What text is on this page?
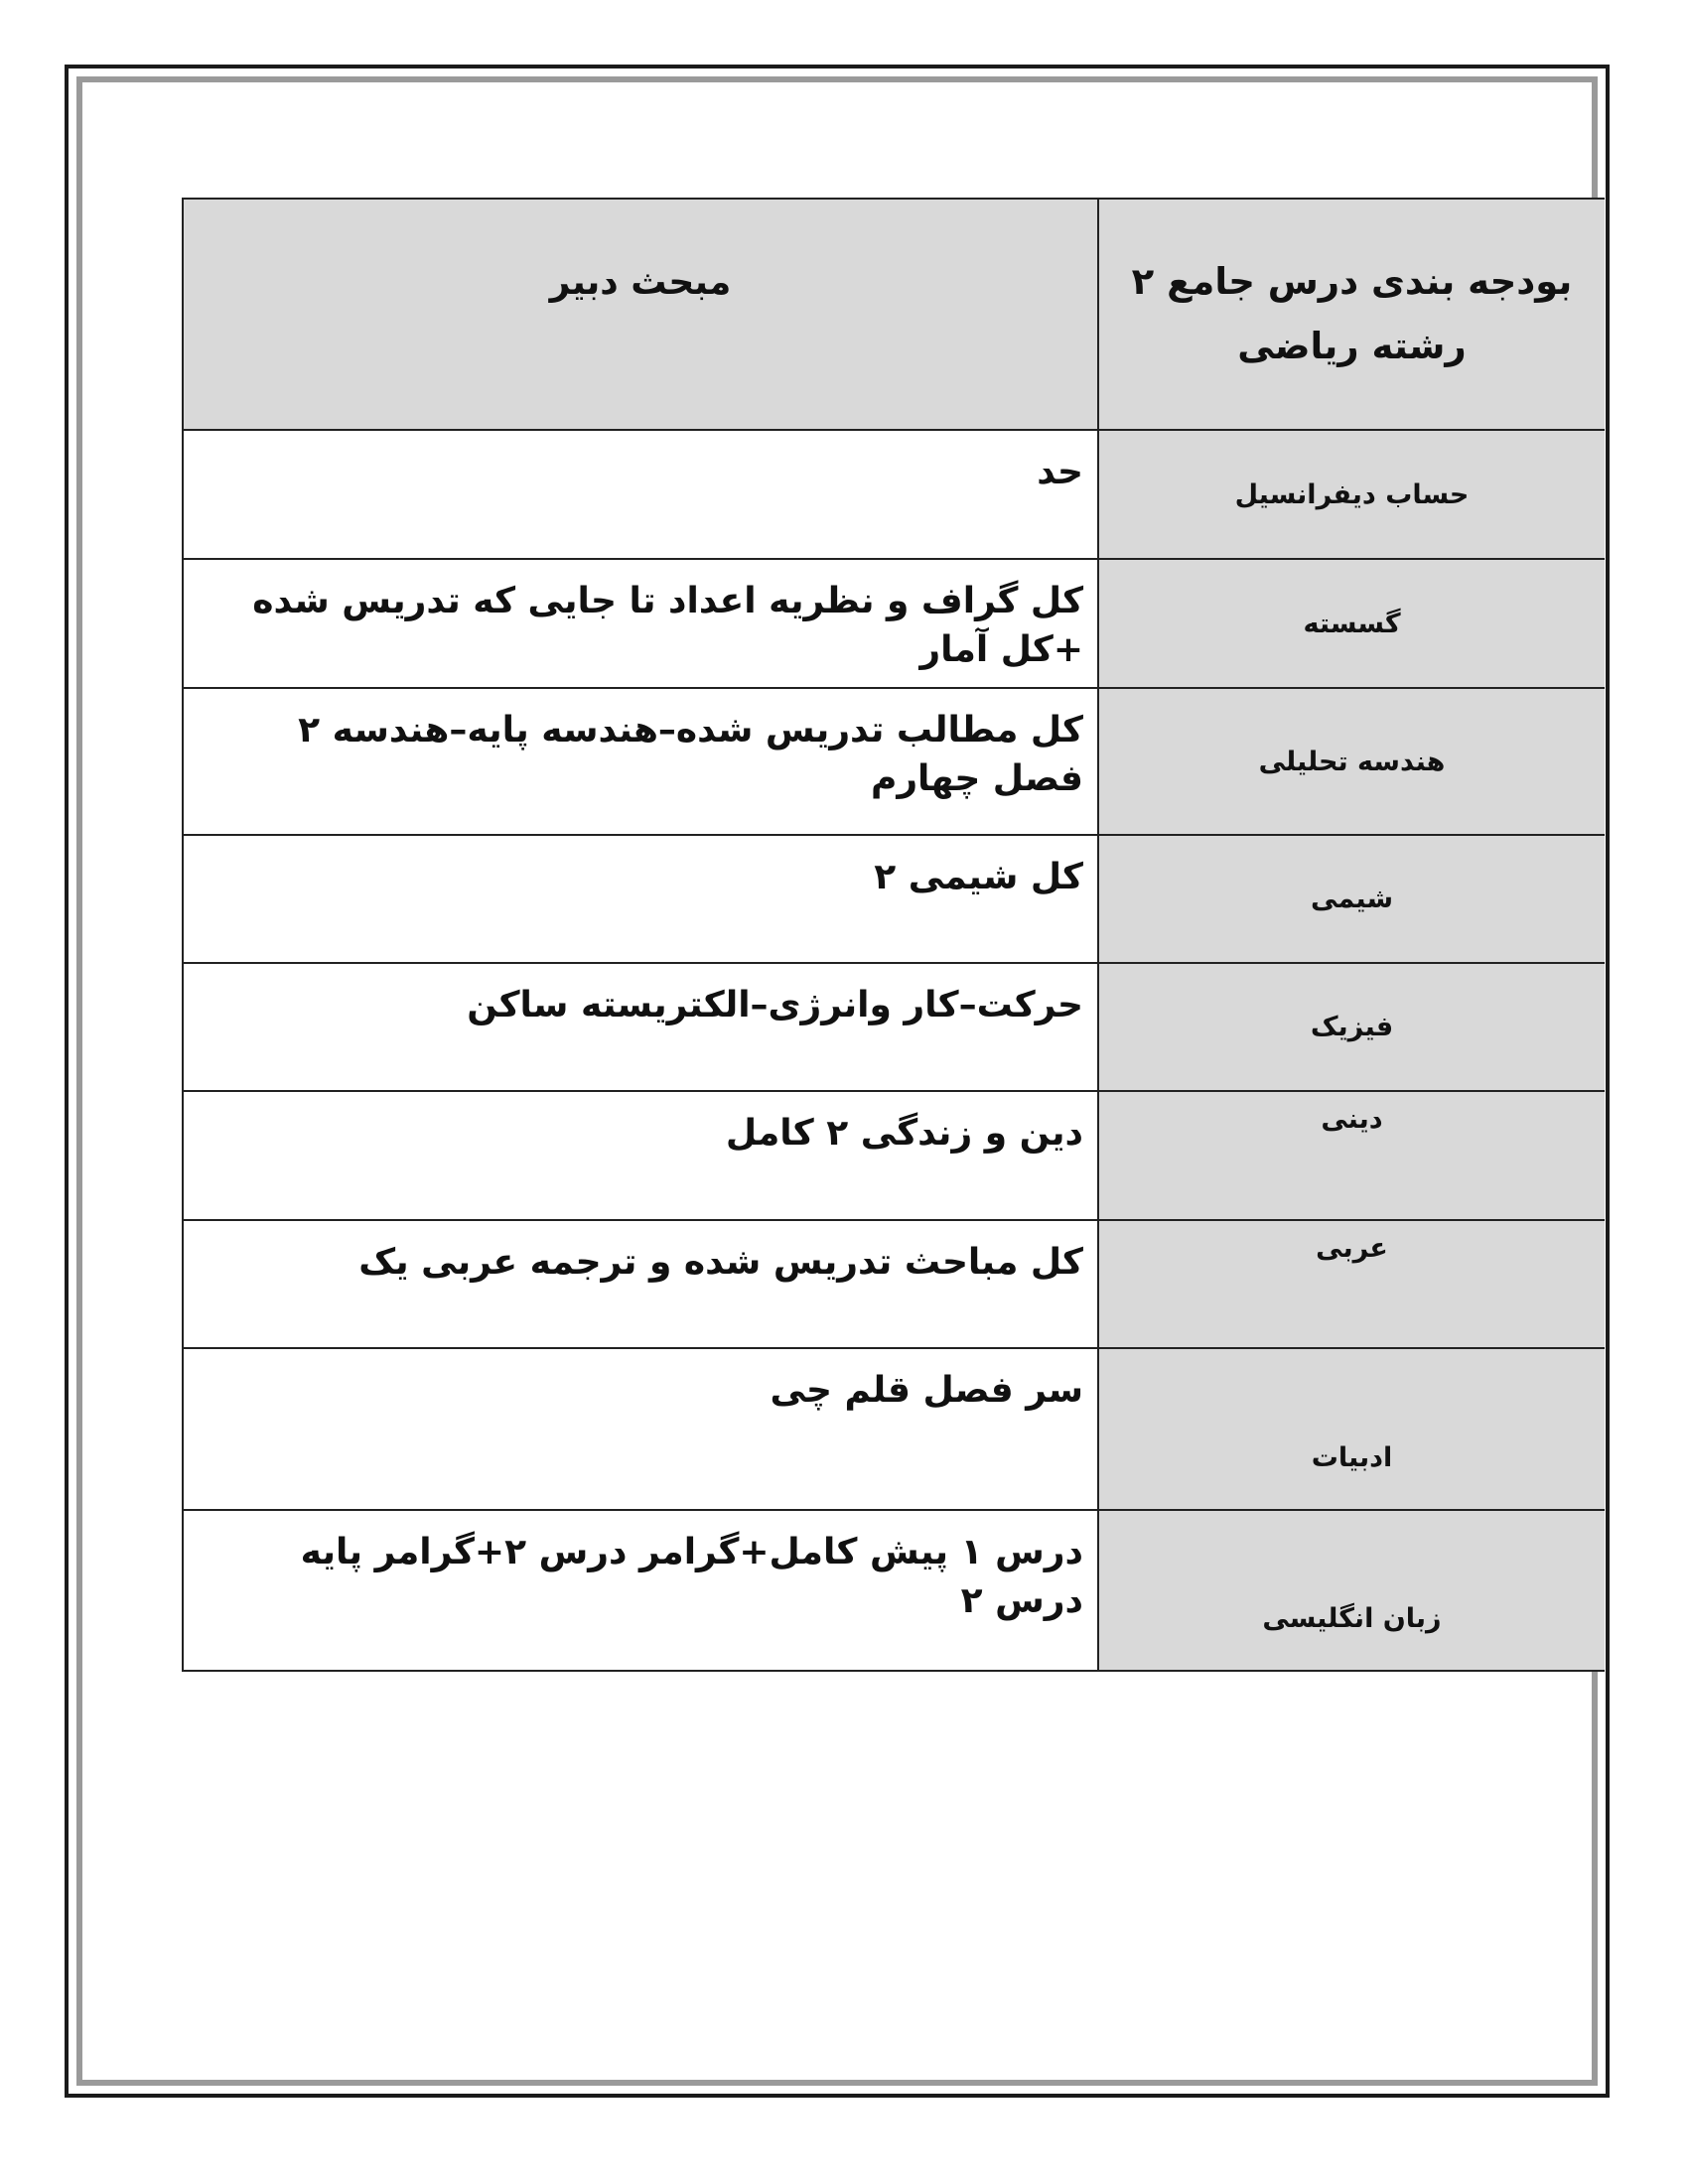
بودجه بندی درس جامع ۲
رشته ریاضی	مبحث دبیر
حساب دیفرانسیل	حد
گسسته	کل گراف و نظریه اعداد تا جایی که تدریس شده +کل آمار
هندسه تحلیلی	کل مطالب تدریس شده–هندسه پایه–هندسه ۲ فصل چهارم
شیمی	کل شیمی ۲
فیزیک	حرکت–کار وانرژی–الکتریسته ساکن
دینی	دین و زندگی ۲ کامل
عربی	کل مباحث تدریس شده و ترجمه عربی یک
ادبیات	سر فصل قلم چی
زبان انگلیسی	درس ۱ پیش کامل+گرامر درس ۲+گرامر پایه درس ۲
